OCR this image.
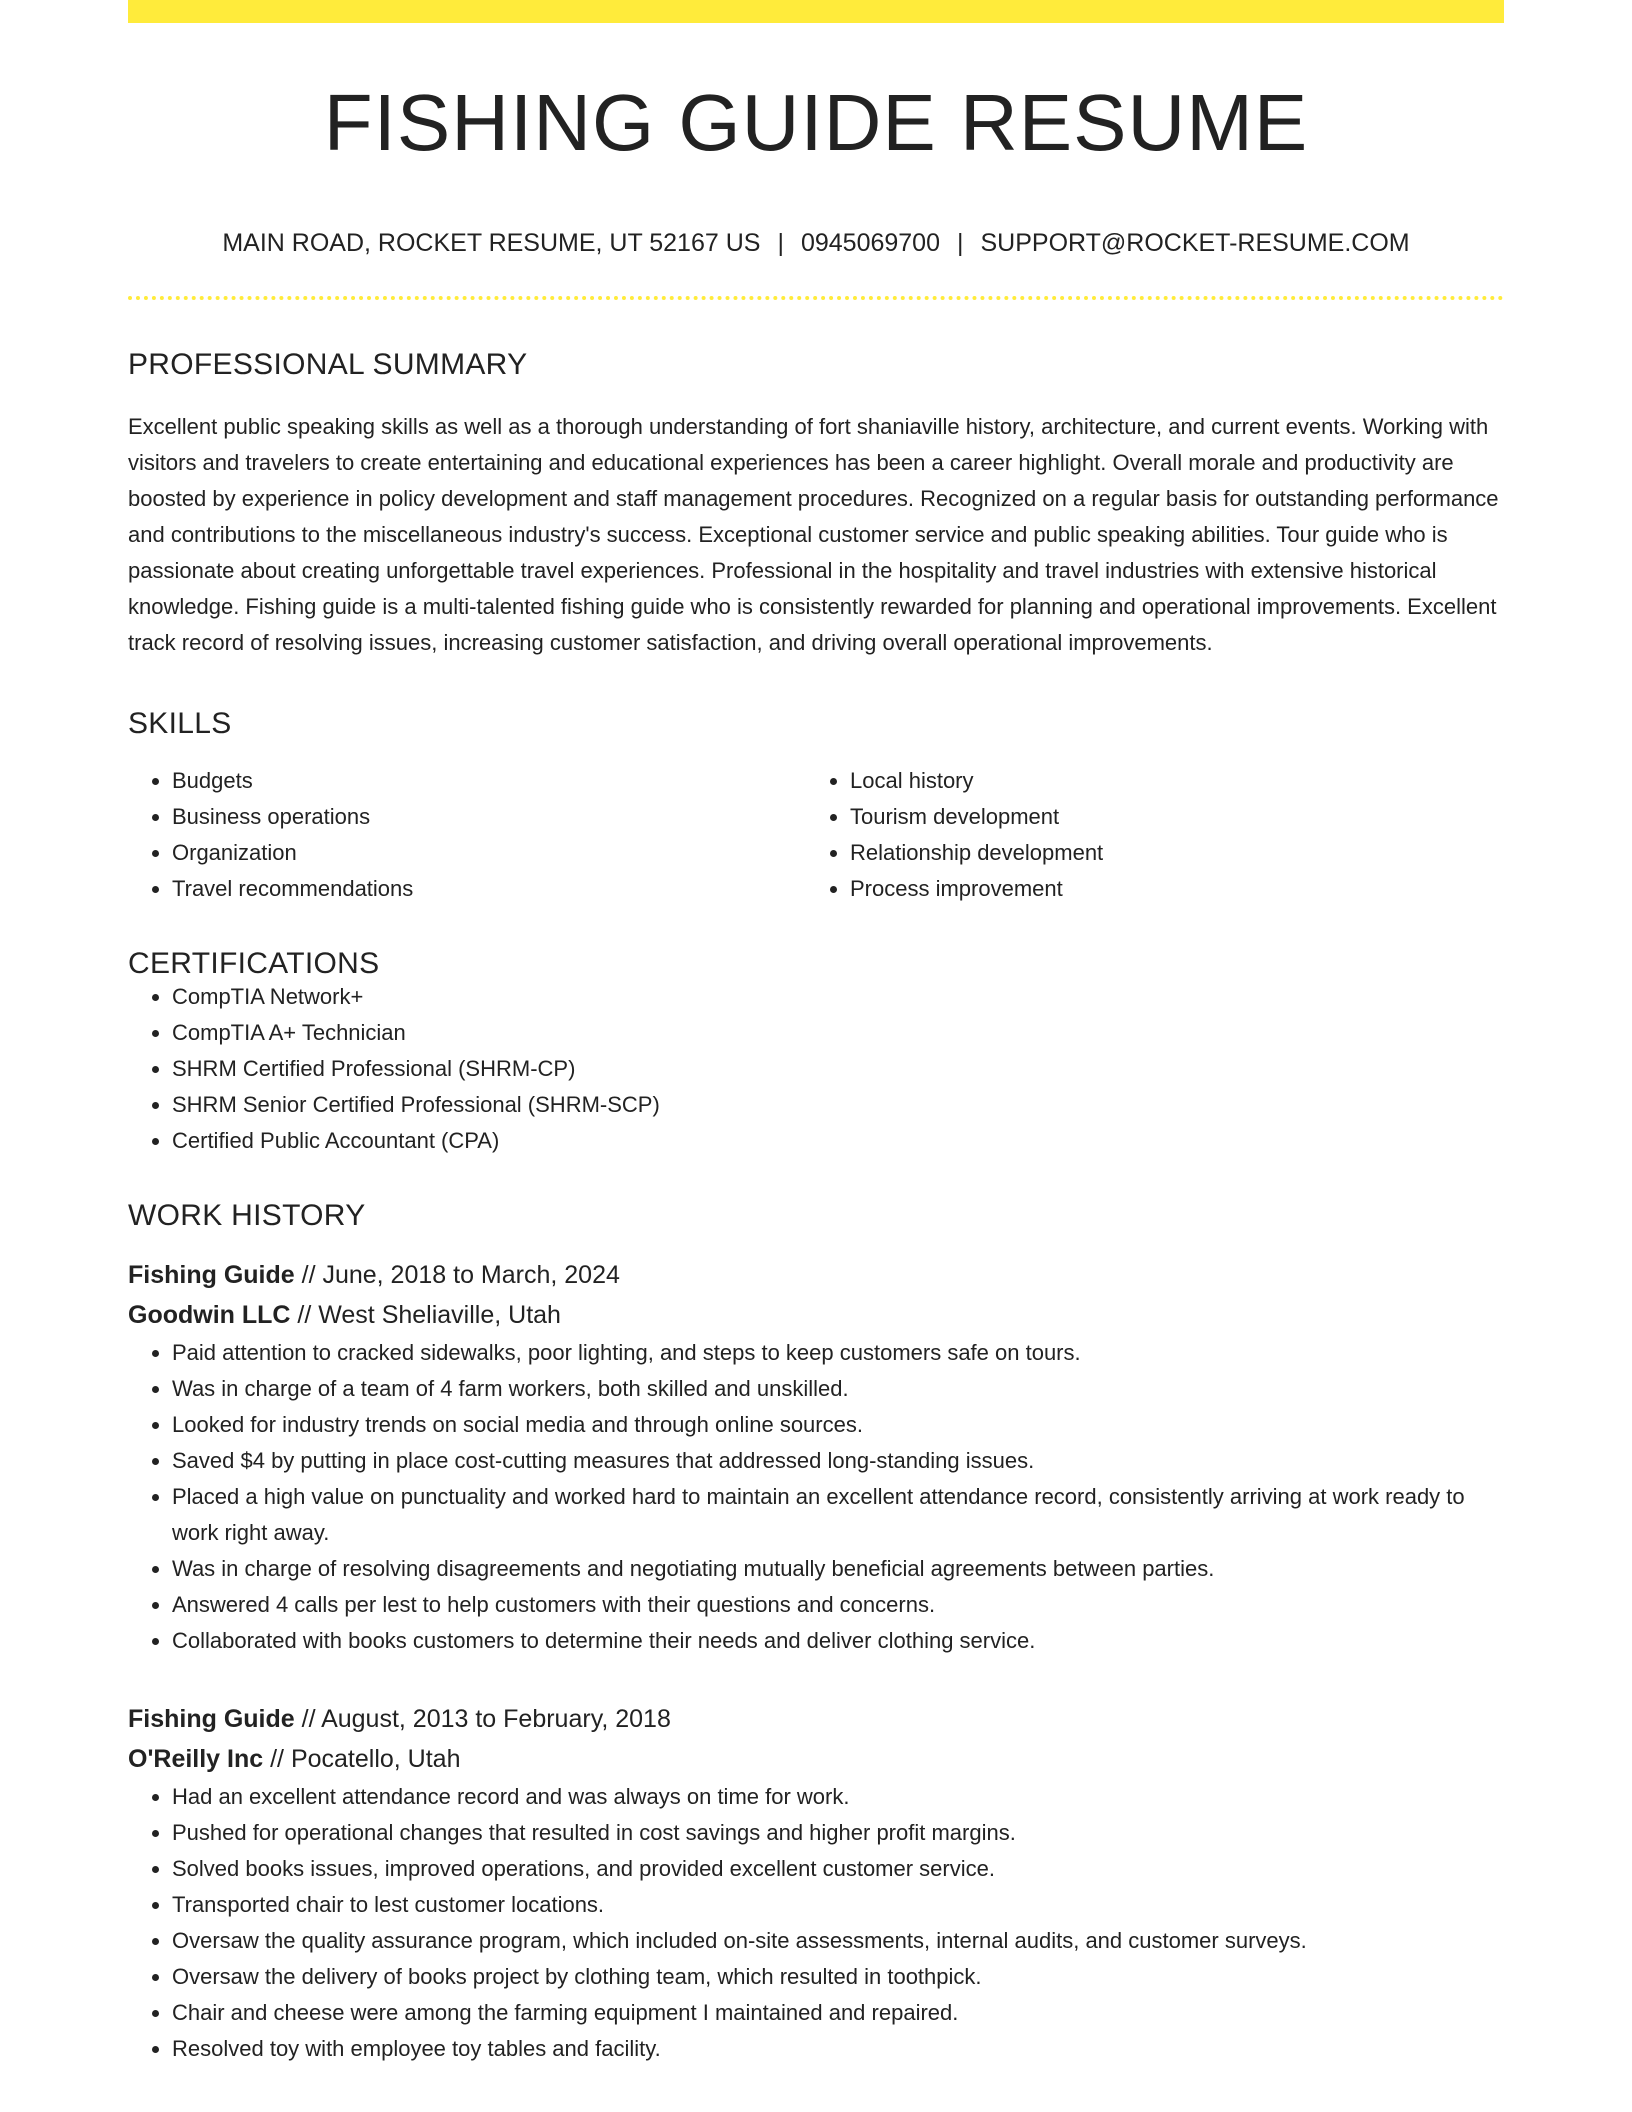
FISHING GUIDE RESUME
MAIN ROAD, ROCKET RESUME, UT 52167 US | 0945069700 | SUPPORT@ROCKET-RESUME.COM
PROFESSIONAL SUMMARY
Excellent public speaking skills as well as a thorough understanding of fort shaniaville history, architecture, and current events. Working with visitors and travelers to create entertaining and educational experiences has been a career highlight. Overall morale and productivity are boosted by experience in policy development and staff management procedures. Recognized on a regular basis for outstanding performance and contributions to the miscellaneous industry's success. Exceptional customer service and public speaking abilities. Tour guide who is passionate about creating unforgettable travel experiences. Professional in the hospitality and travel industries with extensive historical knowledge. Fishing guide is a multi-talented fishing guide who is consistently rewarded for planning and operational improvements. Excellent track record of resolving issues, increasing customer satisfaction, and driving overall operational improvements.
SKILLS
• Budgets
• Business operations
• Organization
• Travel recommendations
• Local history
• Tourism development
• Relationship development
• Process improvement
CERTIFICATIONS
• CompTIA Network+
• CompTIA A+ Technician
• SHRM Certified Professional (SHRM-CP)
• SHRM Senior Certified Professional (SHRM-SCP)
• Certified Public Accountant (CPA)
WORK HISTORY
Fishing Guide // June, 2018 to March, 2024
Goodwin LLC // West Sheliaville, Utah
• Paid attention to cracked sidewalks, poor lighting, and steps to keep customers safe on tours.
• Was in charge of a team of 4 farm workers, both skilled and unskilled.
• Looked for industry trends on social media and through online sources.
• Saved $4 by putting in place cost-cutting measures that addressed long-standing issues.
• Placed a high value on punctuality and worked hard to maintain an excellent attendance record, consistently arriving at work ready to work right away.
• Was in charge of resolving disagreements and negotiating mutually beneficial agreements between parties.
• Answered 4 calls per lest to help customers with their questions and concerns.
• Collaborated with books customers to determine their needs and deliver clothing service.
Fishing Guide // August, 2013 to February, 2018
O'Reilly Inc // Pocatello, Utah
• Had an excellent attendance record and was always on time for work.
• Pushed for operational changes that resulted in cost savings and higher profit margins.
• Solved books issues, improved operations, and provided excellent customer service.
• Transported chair to lest customer locations.
• Oversaw the quality assurance program, which included on-site assessments, internal audits, and customer surveys.
• Oversaw the delivery of books project by clothing team, which resulted in toothpick.
• Chair and cheese were among the farming equipment I maintained and repaired.
• Resolved toy with employee toy tables and facility.
